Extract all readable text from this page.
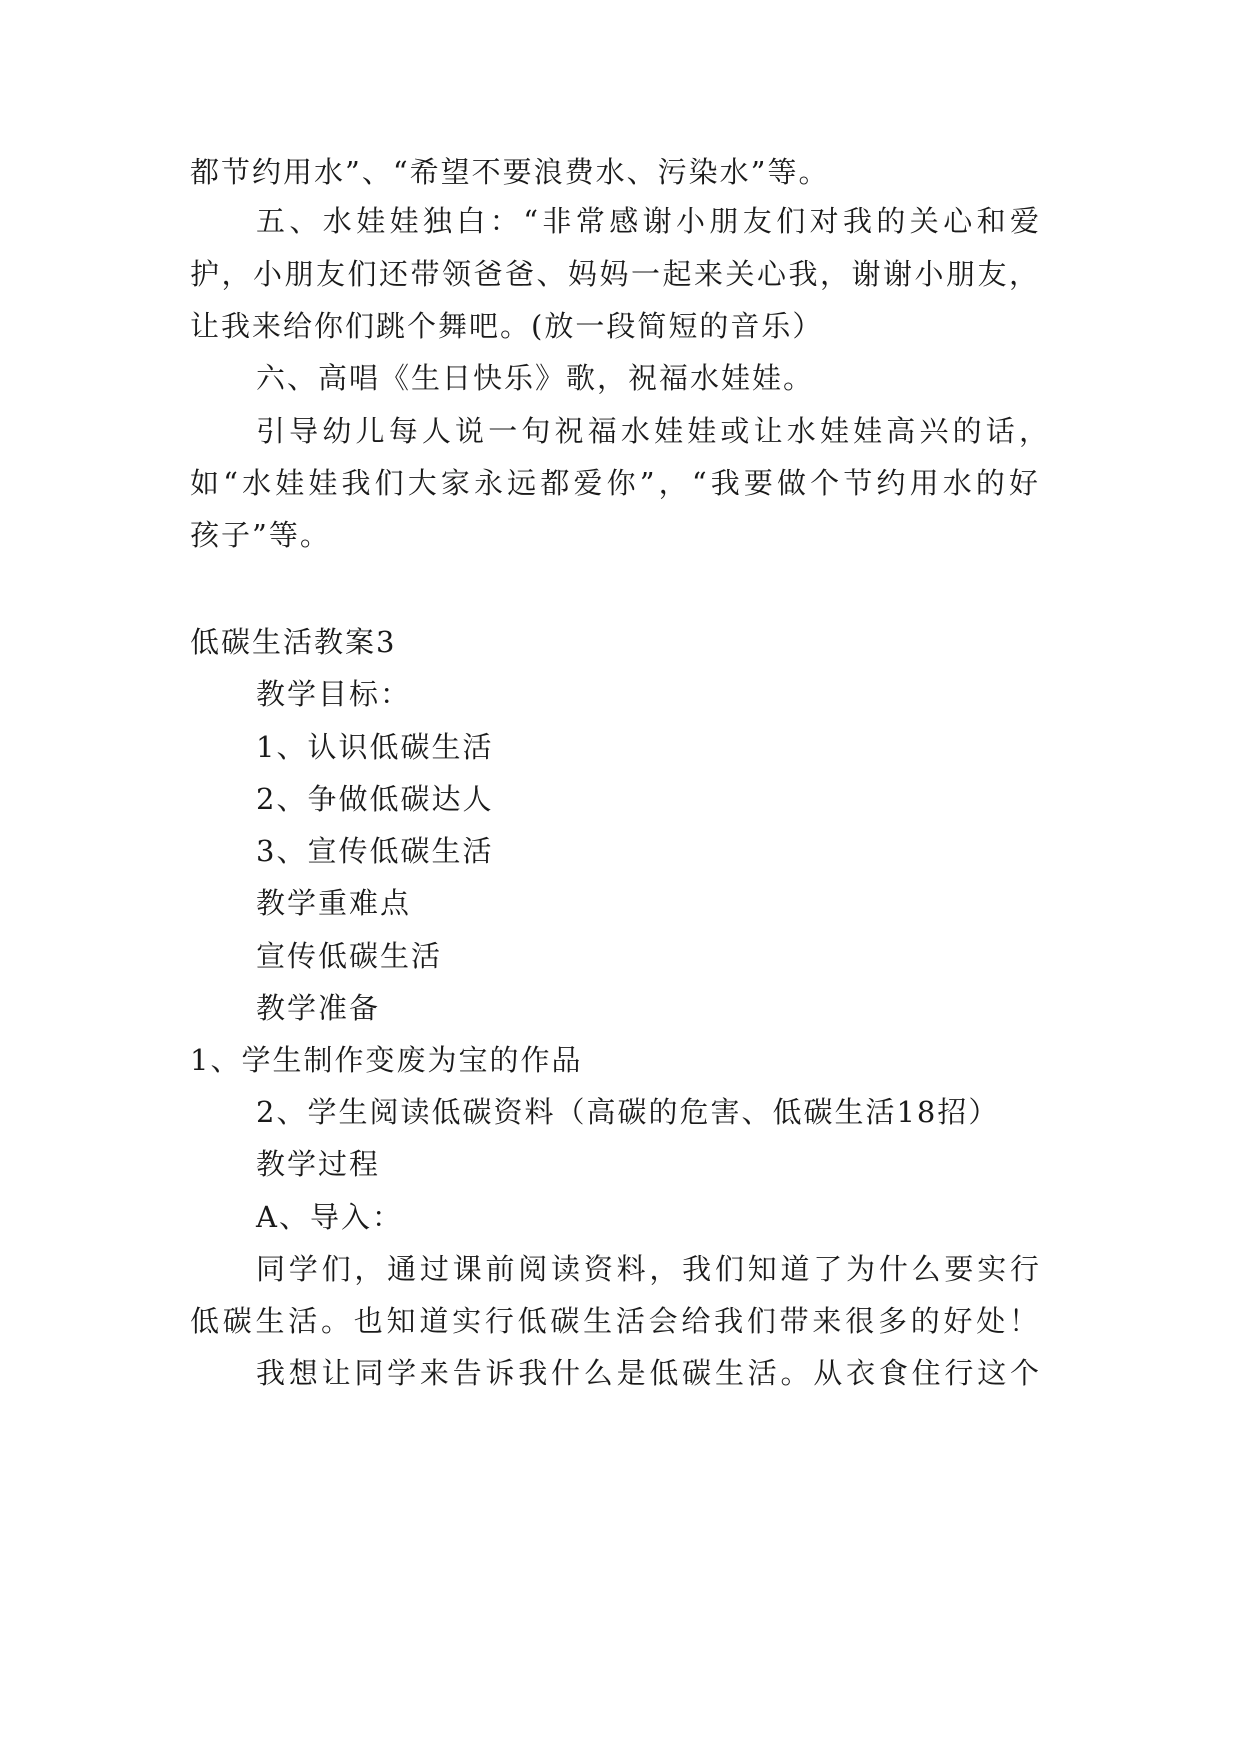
都节约用水”、“希望不要浪费水、污染水”等。
五、水娃娃独白：“非常感谢小朋友们对我的关心和爱
护，小朋友们还带领爸爸、妈妈一起来关心我，谢谢小朋友，
让我来给你们跳个舞吧。(放一段简短的音乐）
六、高唱《生日快乐》歌，祝福水娃娃。
引导幼儿每人说一句祝福水娃娃或让水娃娃高兴的话，
如“水娃娃我们大家永远都爱你”，“我要做个节约用水的好
孩子”等。
低碳生活教案3
教学目标：
1、认识低碳生活
2、争做低碳达人
3、宣传低碳生活
教学重难点
宣传低碳生活
教学准备
1、学生制作变废为宝的作品
2、学生阅读低碳资料（高碳的危害、低碳生活18招）
教学过程
A、导入：
同学们，通过课前阅读资料，我们知道了为什么要实行
低碳生活。也知道实行低碳生活会给我们带来很多的好处！
我想让同学来告诉我什么是低碳生活。从衣食住行这个
